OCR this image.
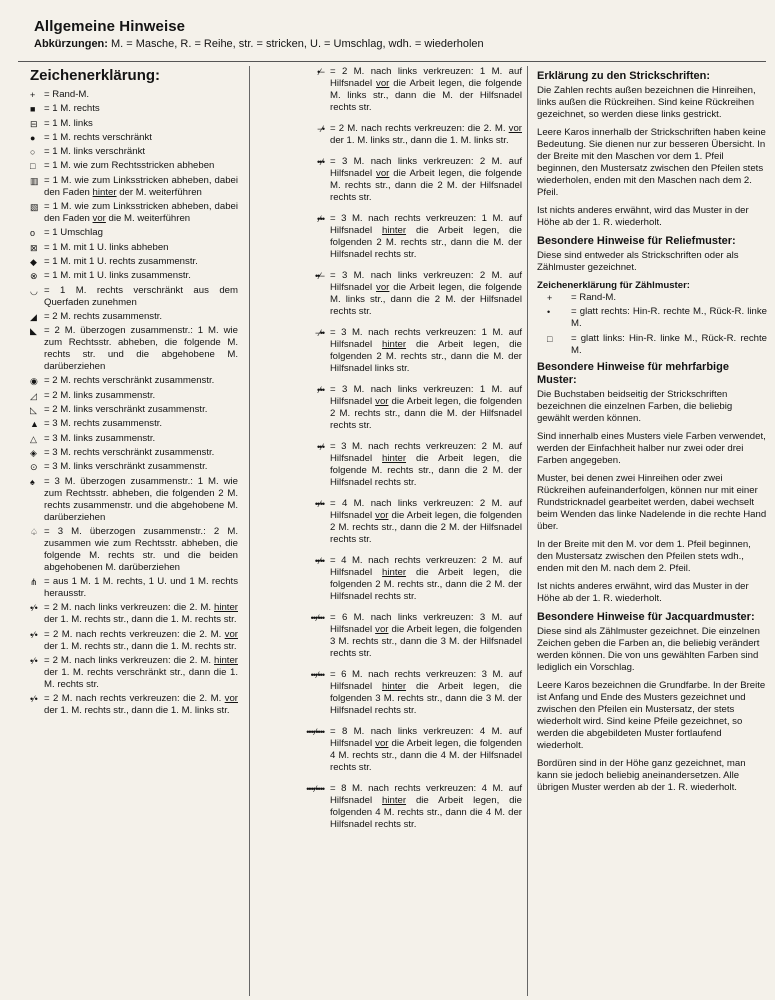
Allgemeine Hinweise
Abkürzungen: M. = Masche, R. = Reihe, str. = stricken, U. = Umschlag, wdh. = wiederholen
Zeichenerklärung:
+ = Rand-M.
■ = 1 M. rechts
⊟ = 1 M. links
● = 1 M. rechts verschränkt
○ = 1 M. links verschränkt
□ = 1 M. wie zum Rechtsstricken abheben
▥ = 1 M. wie zum Linksstricken abheben, dabei den Faden hinter der M. weiterführen
▧ = 1 M. wie zum Linksstricken abheben, dabei den Faden vor die M. weiterführen
o = 1 Umschlag
⊠ = 1 M. mit 1 U. links abheben
◆ = 1 M. mit 1 U. rechts zusammenstr.
⊗ = 1 M. mit 1 U. links zusammenstr.
◡ = 1 M. rechts verschränkt aus dem Querfaden zunehmen
◢ = 2 M. rechts zusammenstr.
◣ = 2 M. überzogen zusammenstr.: 1 M. wie zum Rechtsstr. abheben, die folgende M. rechts str. und die abgehobene M. darüberziehen
◉ = 2 M. rechts verschränkt zusammenstr.
◿ = 2 M. links zusammenstr.
◺ = 2 M. links verschränkt zusammenstr.
▲ = 3 M. rechts zusammenstr.
△ = 3 M. links zusammenstr.
◈ = 3 M. rechts verschränkt zusammenstr.
⊙ = 3 M. links verschränkt zusammenstr.
♠ = 3 M. überzogen zusammenstr.: 1 M. wie zum Rechtsstr. abheben, die folgenden 2 M. rechts zusammenstr. und die abgehobene M. darüberziehen
♤ = 3 M. überzogen zusammenstr.: 2 M. zusammen wie zum Rechtsstr. abheben, die folgende M. rechts str. und die beiden abgehobenen M. darüberziehen
⋔ = aus 1 M. 1 M. rechts, 1 U. und 1 M. rechts herausstr.
•⁄• = 2 M. nach links verkreuzen: die 2. M. hinter der 1. M. rechts str., dann die 1. M. rechts str.
•⁄• = 2 M. nach rechts verkreuzen: die 2. M. vor der 1. M. rechts str., dann die 1. M. rechts str.
•⁄• = 2 M. nach links verkreuzen: die 2. M. hinter der 1. M. rechts verschränkt str., dann die 1. M. rechts str.
•⁄• = 2 M. nach rechts verkreuzen: die 2. M. vor der 1. M. rechts str., dann die 1. M. links str.
•⁄− = 2 M. nach links verkreuzen: 1 M. auf Hilfsnadel vor die Arbeit legen, die folgende M. links str., dann die M. der Hilfsnadel rechts str.
−⁄• = 2 M. nach rechts verkreuzen: die 2. M. vor der 1. M. links str., dann die 1. M. links str.
••⁄• = 3 M. nach links verkreuzen: 2 M. auf Hilfsnadel vor die Arbeit legen, die folgende M. rechts str., dann die 2 M. der Hilfsnadel rechts str.
•⁄•• = 3 M. nach rechts verkreuzen: 1 M. auf Hilfsnadel hinter die Arbeit legen, die folgenden 2 M. rechts str., dann die M. der Hilfsnadel rechts str.
••⁄− = 3 M. nach links verkreuzen: 2 M. auf Hilfsnadel vor die Arbeit legen, die folgende M. links str., dann die 2 M. der Hilfsnadel rechts str.
−⁄•• = 3 M. nach rechts verkreuzen: 1 M. auf Hilfsnadel hinter die Arbeit legen, die folgenden 2 M. rechts str., dann die M. der Hilfsnadel links str.
•⁄•• = 3 M. nach links verkreuzen: 1 M. auf Hilfsnadel vor die Arbeit legen, die folgenden 2 M. rechts str., dann die M. der Hilfsnadel rechts str.
••⁄• = 3 M. nach rechts verkreuzen: 2 M. auf Hilfsnadel hinter die Arbeit legen, die folgende M. rechts str., dann die 2 M. der Hilfsnadel rechts str.
••⁄•• = 4 M. nach links verkreuzen: 2 M. auf Hilfsnadel vor die Arbeit legen, die folgenden 2 M. rechts str., dann die 2 M. der Hilfsnadel rechts str.
••⁄•• = 4 M. nach rechts verkreuzen: 2 M. auf Hilfsnadel hinter die Arbeit legen, die folgenden 2 M. rechts str., dann die 2 M. der Hilfsnadel rechts str.
•••⁄••• = 6 M. nach links verkreuzen: 3 M. auf Hilfsnadel vor die Arbeit legen, die folgenden 3 M. rechts str., dann die 3 M. der Hilfsnadel rechts str.
•••⁄••• = 6 M. nach rechts verkreuzen: 3 M. auf Hilfsnadel hinter die Arbeit legen, die folgenden 3 M. rechts str., dann die 3 M. der Hilfsnadel rechts str.
••••⁄•••• = 8 M. nach links verkreuzen: 4 M. auf Hilfsnadel vor die Arbeit legen, die folgenden 4 M. rechts str., dann die 4 M. der Hilfsnadel rechts str.
••••⁄•••• = 8 M. nach rechts verkreuzen: 4 M. auf Hilfsnadel hinter die Arbeit legen, die folgenden 4 M. rechts str., dann die 4 M. der Hilfsnadel rechts str.
Erklärung zu den Strickschriften:

Die Zahlen rechts außen bezeichnen die Hinreihen, links außen die Rückreihen. Sind keine Rückreihen gezeichnet, so werden diese links gestrickt.

Leere Karos innerhalb der Strickschriften haben keine Bedeutung. Sie dienen nur zur besseren Übersicht. In der Breite mit den Maschen vor dem 1. Pfeil beginnen, den Mustersatz zwischen den Pfeilen stets wiederholen, enden mit den Maschen nach dem 2. Pfeil.

Ist nichts anderes erwähnt, wird das Muster in der Höhe ab der 1. R. wiederholt.

Besondere Hinweise für Reliefmuster:

Diese sind entweder als Strickschriften oder als Zählmuster gezeichnet.

Zeichenerklärung für Zählmuster:
+	= Rand-M.
•	= glatt rechts: Hin-R. rechte M., Rück-R. linke M.
□	= glatt links: Hin-R. linke M., Rück-R. rechte M.
Besondere Hinweise für mehrfarbige Muster:

Die Buchstaben beidseitig der Strickschriften bezeichnen die einzelnen Farben, die beliebig gewählt werden können.

Sind innerhalb eines Musters viele Farben verwendet, werden der Einfachheit halber nur zwei oder drei Farben angegeben.

Muster, bei denen zwei Hinreihen oder zwei Rückreihen aufeinanderfolgen, können nur mit einer Rundstricknadel gearbeitet werden, dabei wechselt beim Wenden das linke Nadelende in die rechte Hand über.

In der Breite mit den M. vor dem 1. Pfeil beginnen, den Mustersatz zwischen den Pfeilen stets wdh., enden mit den M. nach dem 2. Pfeil.

Ist nichts anderes erwähnt, wird das Muster in der Höhe ab der 1. R. wiederholt.

Besondere Hinweise für Jacquardmuster:

Diese sind als Zählmuster gezeichnet. Die einzelnen Zeichen geben die Farben an, die beliebig verändert werden können. Die von uns gewählten Farben sind lediglich ein Vorschlag.

Leere Karos bezeichnen die Grundfarbe. In der Breite ist Anfang und Ende des Musters gezeichnet und zwischen den Pfeilen ein Mustersatz, der stets wiederholt wird. Sind keine Pfeile gezeichnet, so werden die abgebildeten Muster fortlaufend wiederholt.

Bordüren sind in der Höhe ganz gezeichnet, man kann sie jedoch beliebig aneinandersetzen. Alle übrigen Muster werden ab der 1. R. wiederholt.
